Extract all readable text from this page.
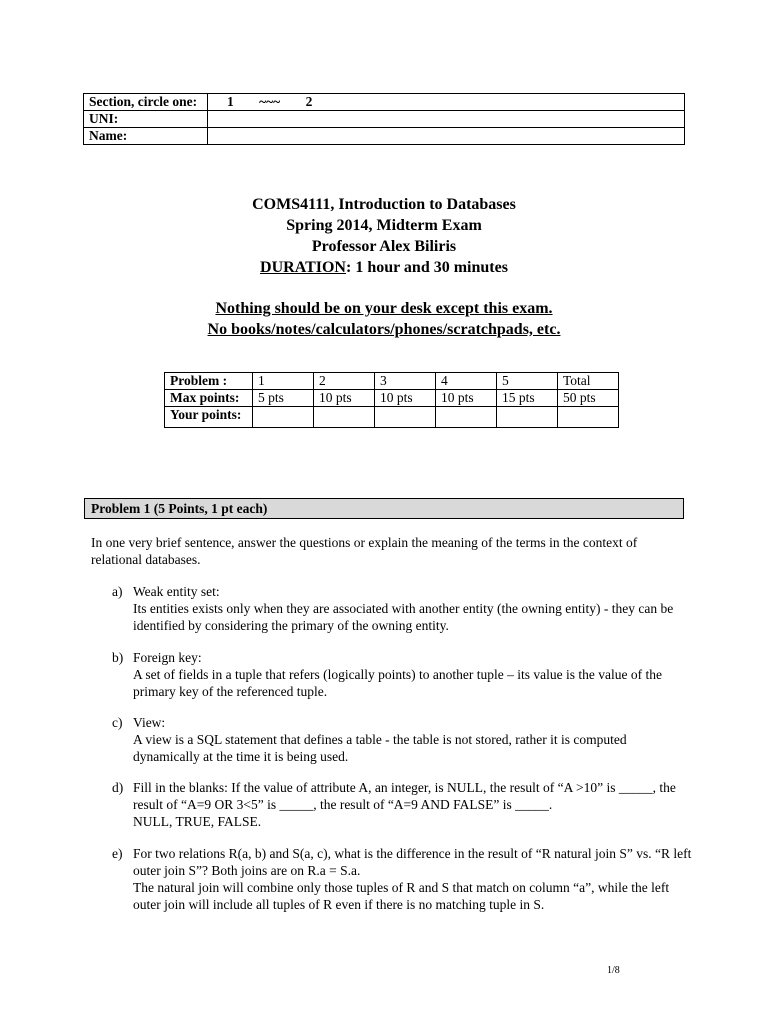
Section, circle one:	1 ~~~ 2
UNI:	
Name:	
COMS4111, Introduction to Databases
Spring 2014, Midterm Exam
Professor Alex Biliris
DURATION: 1 hour and 30 minutes
Nothing should be on your desk except this exam.
No books/notes/calculators/phones/scratchpads, etc.
Problem :	1	2	3	4	5	Total
Max points:	5 pts	10 pts	10 pts	10 pts	15 pts	50 pts
Your points:						
Problem 1 (5 Points, 1 pt each)
In one very brief sentence, answer the questions or explain the meaning of the terms in the context of relational databases.
a) Weak entity set:
Its entities exists only when they are associated with another entity (the owning entity) - they can be identified by considering the primary of the owning entity.
b) Foreign key:
A set of fields in a tuple that refers (logically points) to another tuple – its value is the value of the primary key of the referenced tuple.
c) View:
A view is a SQL statement that defines a table - the table is not stored, rather it is computed dynamically at the time it is being used.
d) Fill in the blanks: If the value of attribute A, an integer, is NULL, the result of “A >10” is _____, the result of “A=9 OR 3<5” is _____, the result of “A=9 AND FALSE” is _____.
NULL, TRUE, FALSE.
e) For two relations R(a, b) and S(a, c), what is the difference in the result of “R natural join S” vs. “R left outer join S”? Both joins are on R.a = S.a.
The natural join will combine only those tuples of R and S that match on column “a”, while the left outer join will include all tuples of R even if there is no matching tuple in S.
1/8
